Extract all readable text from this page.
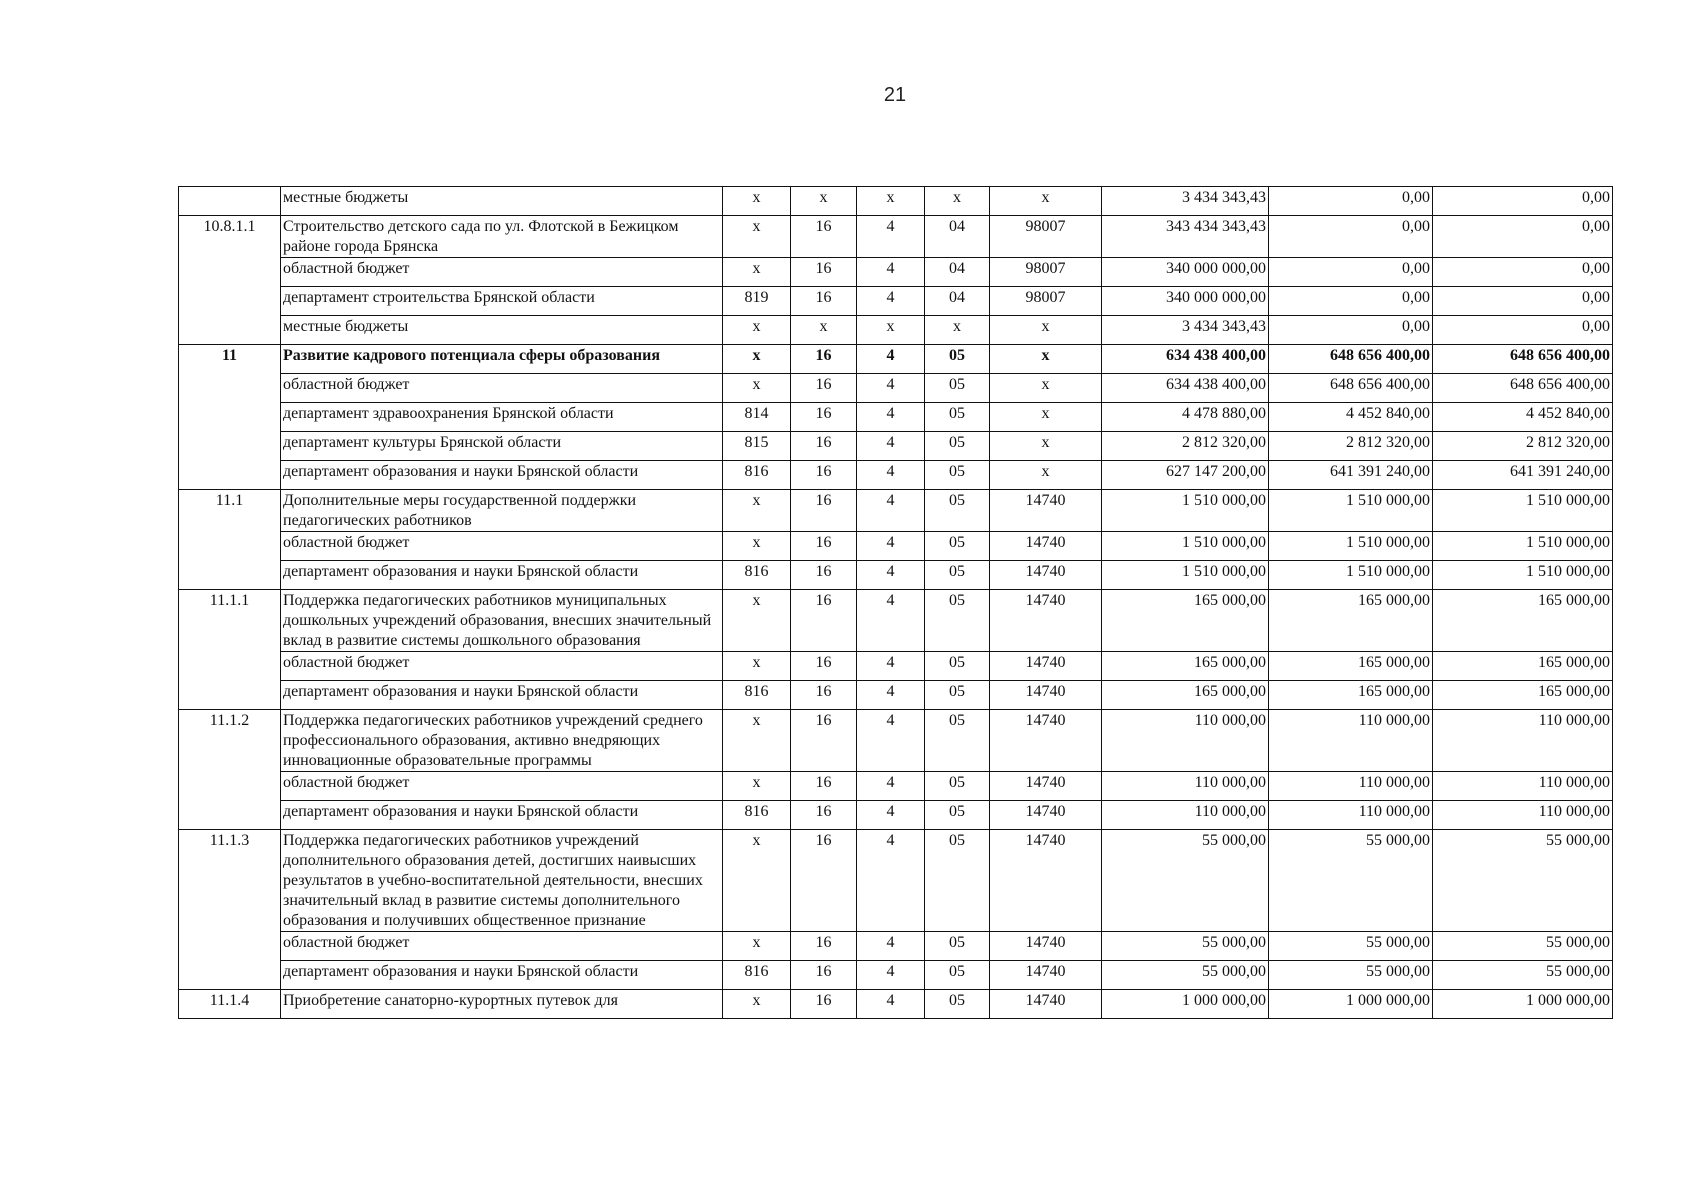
21
	местные бюджеты	х	х	х	х	х	3 434 343,43	0,00	0,00
10.8.1.1	Строительство детского сада по ул. Флотской в Бежицком районе города Брянска	х	16	4	04	98007	343 434 343,43	0,00	0,00
	областной бюджет	х	16	4	04	98007	340 000 000,00	0,00	0,00
	департамент строительства Брянской области	819	16	4	04	98007	340 000 000,00	0,00	0,00
	местные бюджеты	х	х	х	х	х	3 434 343,43	0,00	0,00
11	Развитие кадрового потенциала сферы образования	х	16	4	05	х	634 438 400,00	648 656 400,00	648 656 400,00
	областной бюджет	х	16	4	05	х	634 438 400,00	648 656 400,00	648 656 400,00
	департамент здравоохранения Брянской области	814	16	4	05	х	4 478 880,00	4 452 840,00	4 452 840,00
	департамент культуры Брянской области	815	16	4	05	х	2 812 320,00	2 812 320,00	2 812 320,00
	департамент образования и науки Брянской области	816	16	4	05	х	627 147 200,00	641 391 240,00	641 391 240,00
11.1	Дополнительные меры государственной поддержки педагогических работников	х	16	4	05	14740	1 510 000,00	1 510 000,00	1 510 000,00
	областной бюджет	х	16	4	05	14740	1 510 000,00	1 510 000,00	1 510 000,00
	департамент образования и науки Брянской области	816	16	4	05	14740	1 510 000,00	1 510 000,00	1 510 000,00
11.1.1	Поддержка педагогических работников муниципальных дошкольных учреждений образования, внесших значительный вклад в развитие системы дошкольного образования	х	16	4	05	14740	165 000,00	165 000,00	165 000,00
	областной бюджет	х	16	4	05	14740	165 000,00	165 000,00	165 000,00
	департамент образования и науки Брянской области	816	16	4	05	14740	165 000,00	165 000,00	165 000,00
11.1.2	Поддержка педагогических работников учреждений среднего профессионального образования, активно внедряющих инновационные образовательные программы	х	16	4	05	14740	110 000,00	110 000,00	110 000,00
	областной бюджет	х	16	4	05	14740	110 000,00	110 000,00	110 000,00
	департамент образования и науки Брянской области	816	16	4	05	14740	110 000,00	110 000,00	110 000,00
11.1.3	Поддержка педагогических работников учреждений дополнительного образования детей, достигших наивысших результатов в учебно-воспитательной деятельности, внесших значительный вклад в развитие системы дополнительного образования и получивших общественное признание	х	16	4	05	14740	55 000,00	55 000,00	55 000,00
	областной бюджет	х	16	4	05	14740	55 000,00	55 000,00	55 000,00
	департамент образования и науки Брянской области	816	16	4	05	14740	55 000,00	55 000,00	55 000,00
11.1.4	Приобретение санаторно-курортных путевок для	х	16	4	05	14740	1 000 000,00	1 000 000,00	1 000 000,00
